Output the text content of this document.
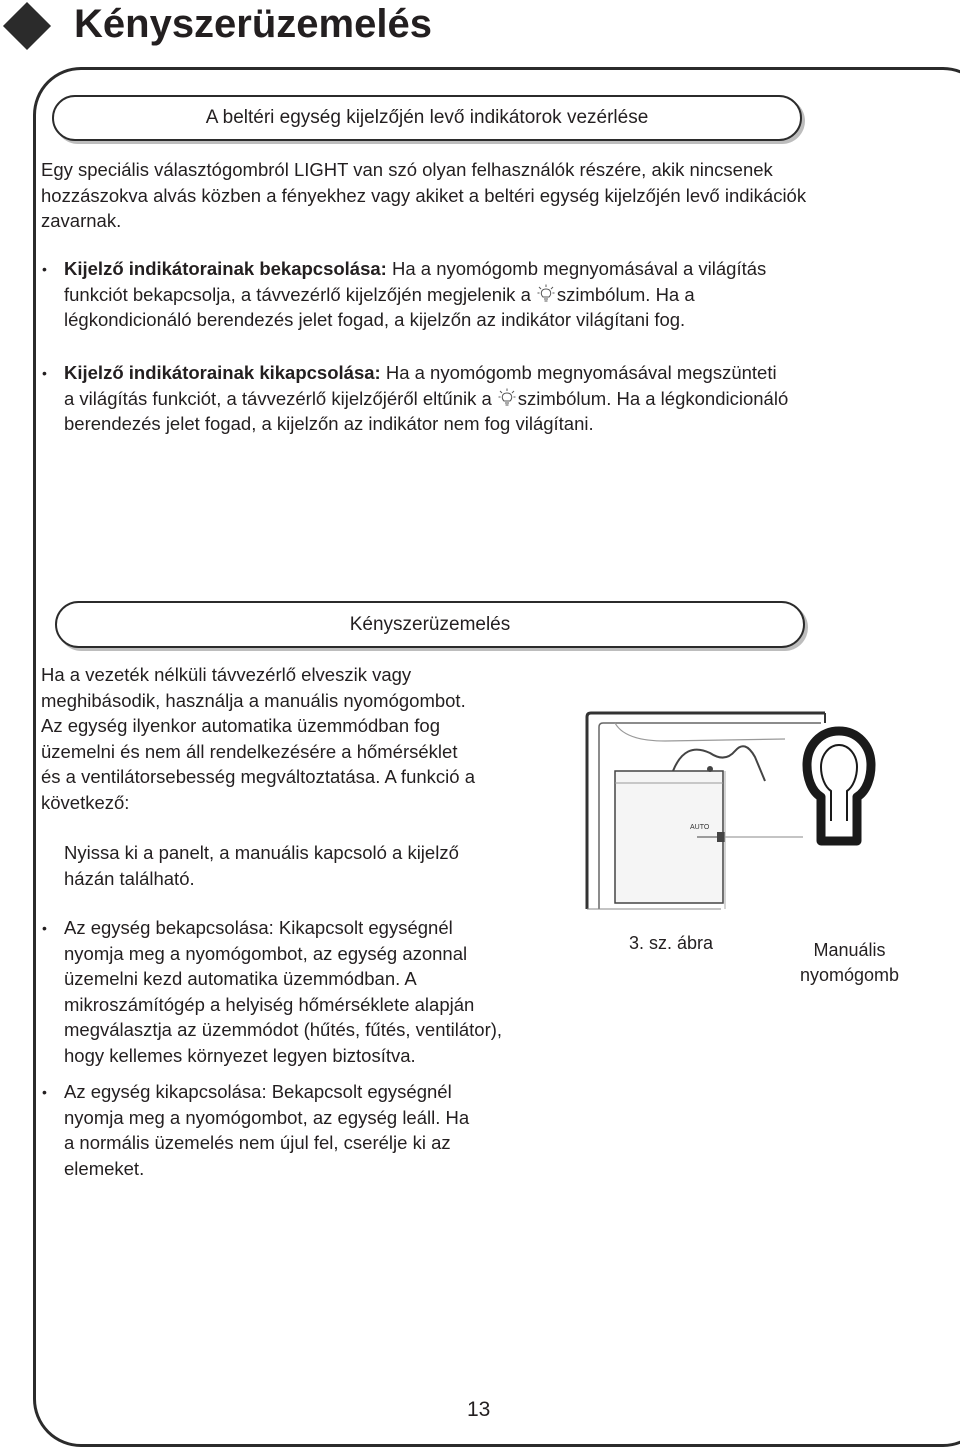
Kényszerüzemelés
A beltéri egység kijelzőjén levő indikátorok vezérlése
Egy speciális választógombról LIGHT van szó olyan felhasználók részére, akik nincsenek
hozzászokva alvás közben a fényekhez vagy akiket a beltéri egység kijelzőjén levő indikációk
zavarnak.
• Kijelző indikátorainak bekapcsolása: Ha a nyomógomb megnyomásával a világítás
funkciót bekapcsolja, a távvezérlő kijelzőjén megjelenik a szimbólum. Ha a
légkondicionáló berendezés jelet fogad, a kijelzőn az indikátor világítani fog.
• Kijelző indikátorainak kikapcsolása: Ha a nyomógomb megnyomásával megszünteti
a világítás funkciót, a távvezérlő kijelzőjéről eltűnik a szimbólum. Ha a légkondicionáló
berendezés jelet fogad, a kijelzőn az indikátor nem fog világítani.
Kényszerüzemelés
Ha a vezeték nélküli távvezérlő elveszik vagy
meghibásodik, használja a manuális nyomógombot.
Az egység ilyenkor automatika üzemmódban fog
üzemelni és nem áll rendelkezésére a hőmérséklet
és a ventilátorsebesség megváltoztatása. A funkció a
következő:
Nyissa ki a panelt, a manuális kapcsoló a kijelző
házán található.
• Az egység bekapcsolása: Kikapcsolt egységnél
nyomja meg a nyomógombot, az egység azonnal
üzemelni kezd automatika üzemmódban. A
mikroszámítógép a helyiség hőmérséklete alapján
megválasztja az üzemmódot (hűtés, fűtés, ventilátor),
hogy kellemes környezet legyen biztosítva.
• Az egység kikapcsolása: Bekapcsolt egységnél
nyomja meg a nyomógombot, az egység leáll. Ha
a normális üzemelés nem újul fel, cserélje ki az
elemeket.
AUTO
3. sz. ábra	Manuális
nyomógomb
13
